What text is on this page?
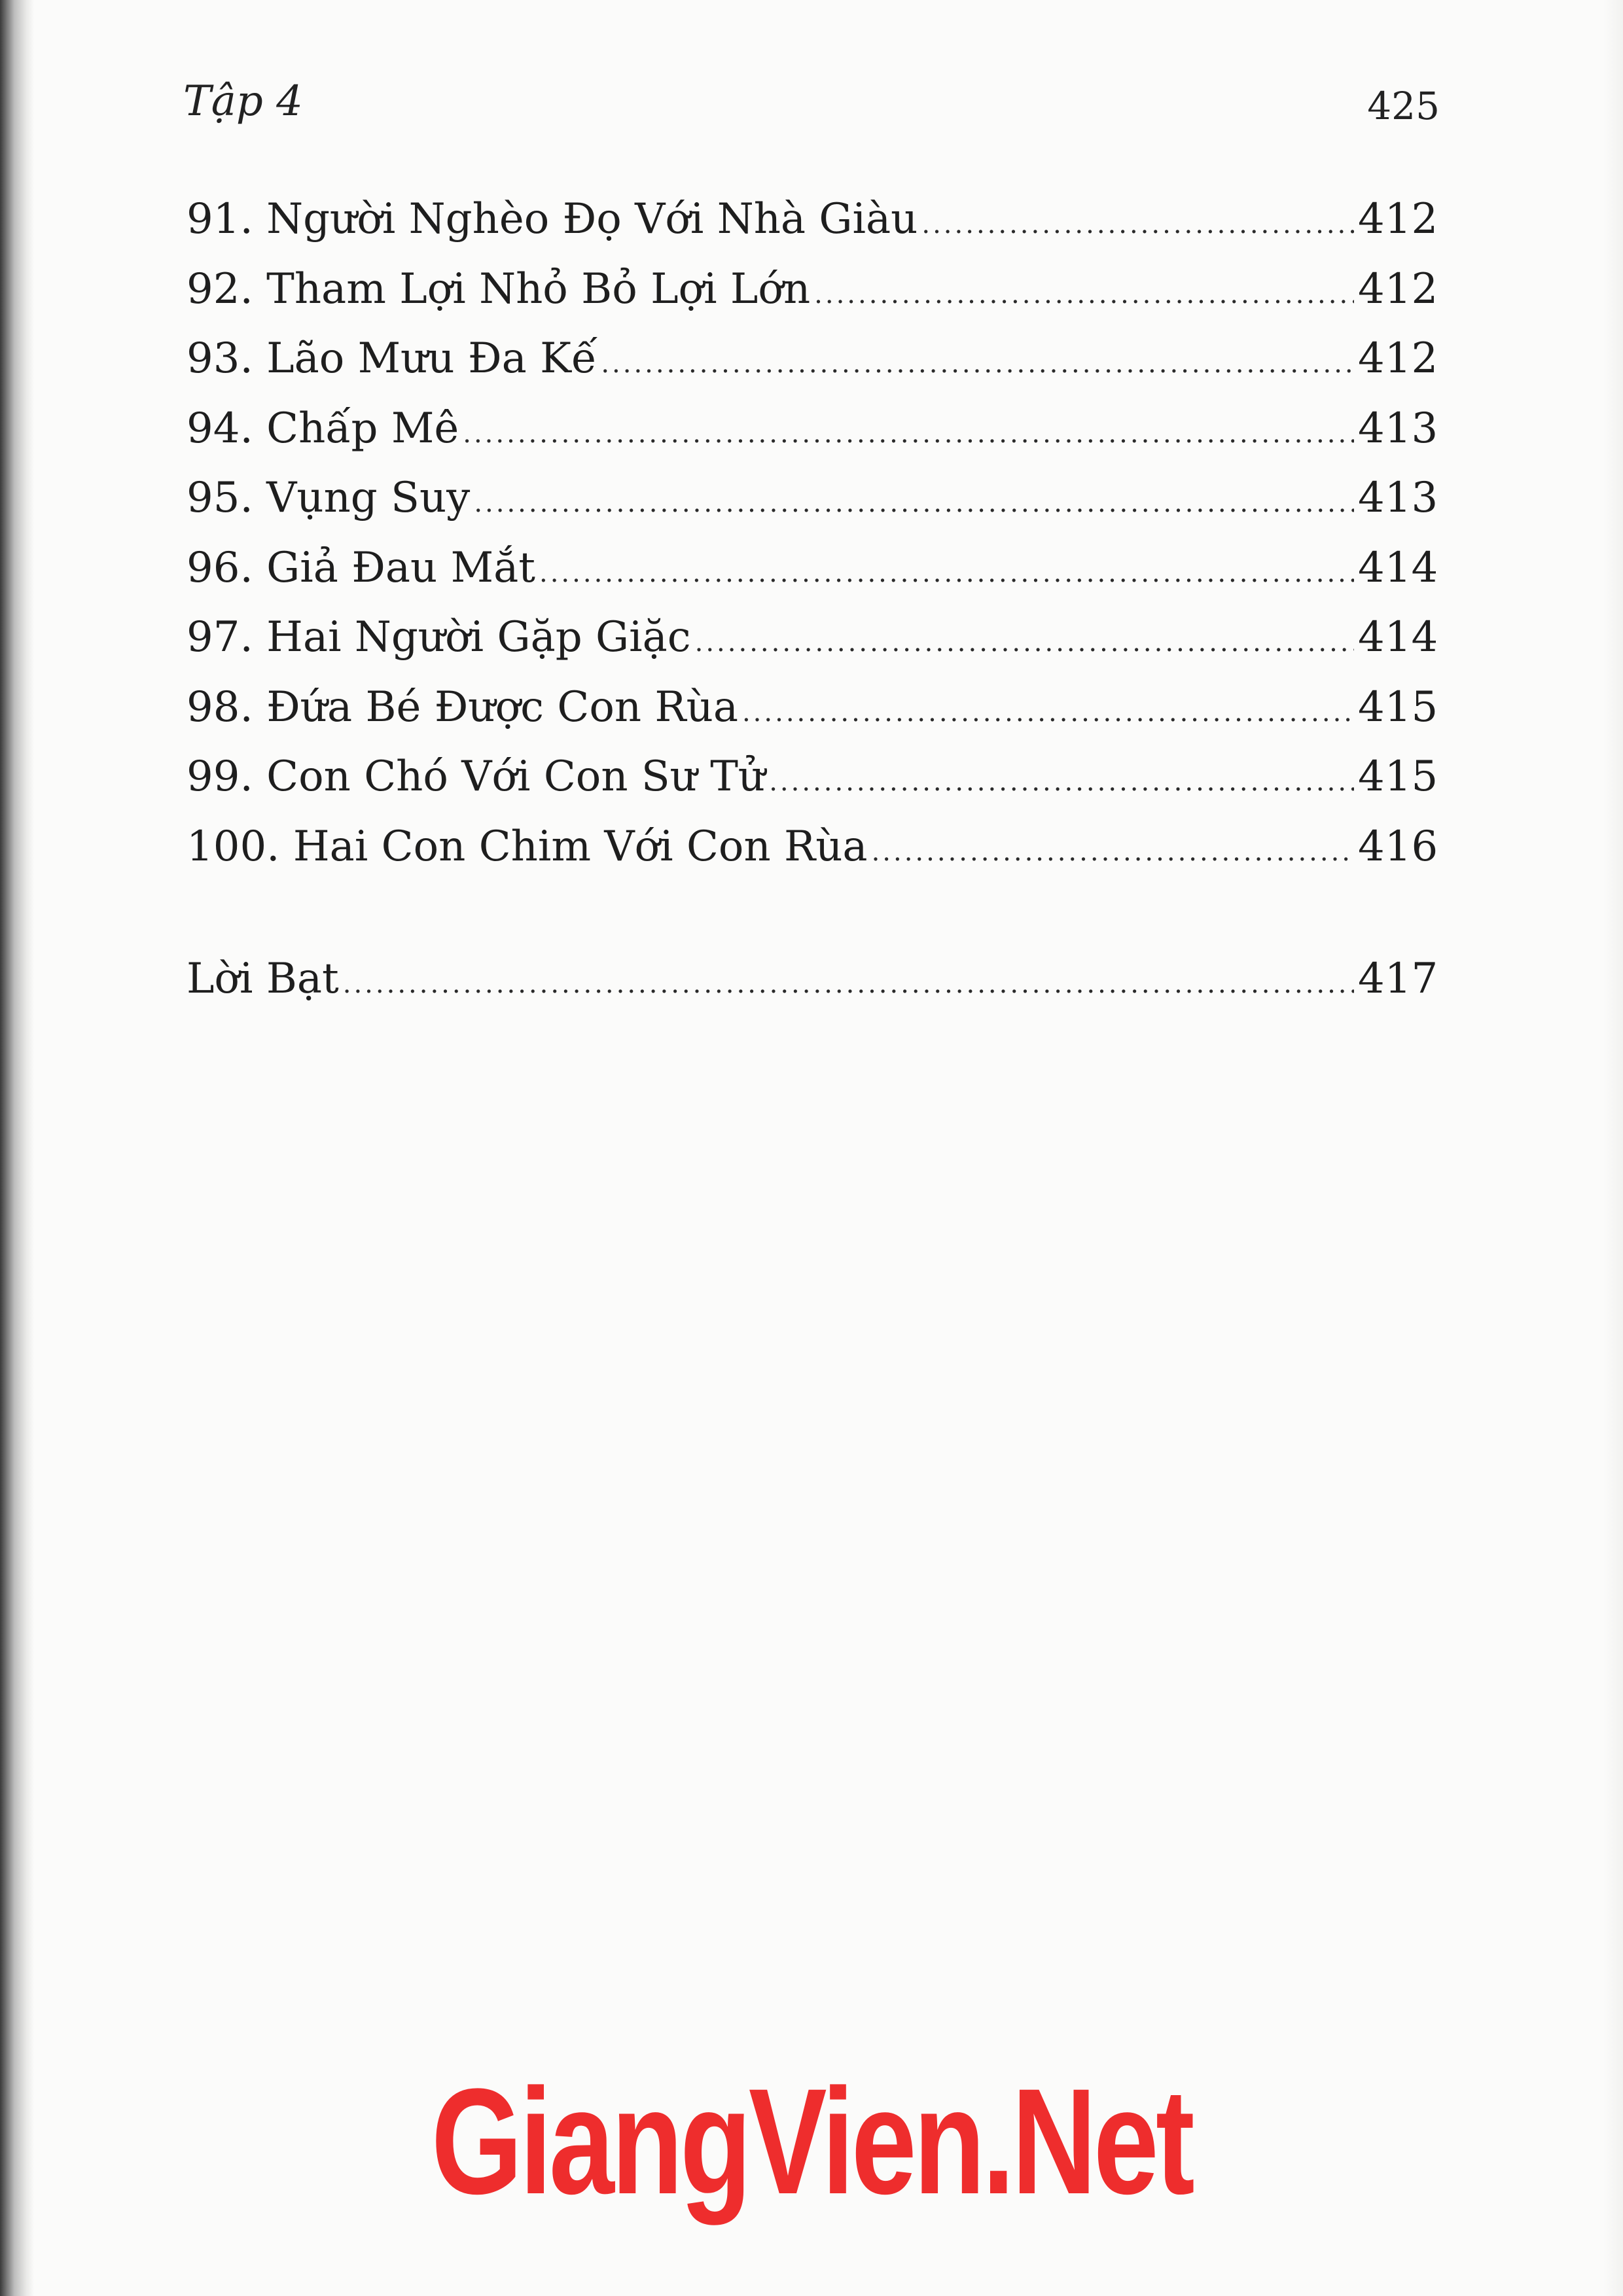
Tập 4	425
91. Người Nghèo Đọ Với Nhà Giàu .....	412
92. Tham Lợi Nhỏ Bỏ Lợi Lớn .....	412
93. Lão Mưu Đa Kế .....	412
94. Chấp Mê .....	413
95. Vụng Suy .....	413
96. Giả Đau Mắt .....	414
97. Hai Người Gặp Giặc .....	414
98. Đứa Bé Được Con Rùa .....	415
99. Con Chó Với Con Sư Tử .....	415
100. Hai Con Chim Với Con Rùa .....	416
Lời Bạt .....	417
GiangVien.Net
